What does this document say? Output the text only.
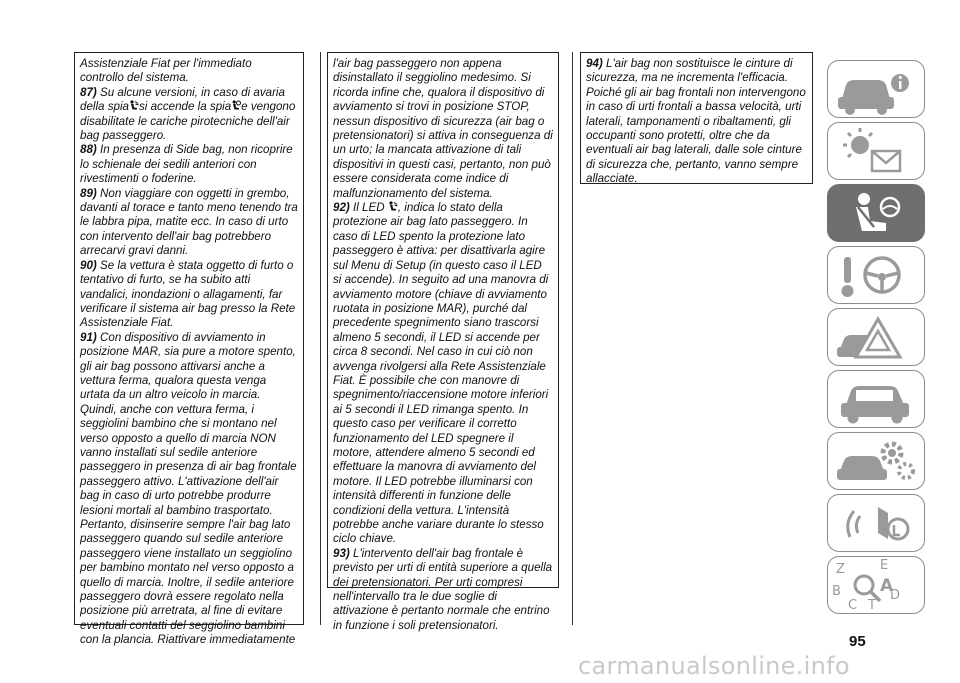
Assistenziale Fiat per l'immediato controllo del sistema.

87) Su alcune versioni, in caso di avaria della spia si accende la spia e vengono disabilitate le cariche pirotecniche dell'air bag passeggero.

88) In presenza di Side bag, non ricoprire lo schienale dei sedili anteriori con rivestimenti o foderine.

89) Non viaggiare con oggetti in grembo, davanti al torace e tanto meno tenendo tra le labbra pipa, matite ecc. In caso di urto con intervento dell'air bag potrebbero arrecarvi gravi danni.

90) Se la vettura è stata oggetto di furto o tentativo di furto, se ha subito atti vandalici, inondazioni o allagamenti, far verificare il sistema air bag presso la Rete Assistenziale Fiat.

91) Con dispositivo di avviamento in posizione MAR, sia pure a motore spento, gli air bag possono attivarsi anche a vettura ferma, qualora questa venga urtata da un altro veicolo in marcia. Quindi, anche con vettura ferma, i seggiolini bambino che si montano nel verso opposto a quello di marcia NON vanno installati sul sedile anteriore passeggero in presenza di air bag frontale passeggero attivo. L'attivazione dell'air bag in caso di urto potrebbe produrre lesioni mortali al bambino trasportato. Pertanto, disinserire sempre l'air bag lato passeggero quando sul sedile anteriore passeggero viene installato un seggiolino per bambino montato nel verso opposto a quello di marcia. Inoltre, il sedile anteriore passeggero dovrà essere regolato nella posizione più arretrata, al fine di evitare eventuali contatti del seggiolino bambini con la plancia. Riattivare immediatamente

l'air bag passeggero non appena disinstallato il seggiolino medesimo. Si ricorda infine che, qualora il dispositivo di avviamento si trovi in posizione STOP, nessun dispositivo di sicurezza (air bag o pretensionatori) si attiva in conseguenza di un urto; la mancata attivazione di tali dispositivi in questi casi, pertanto, non può essere considerata come indice di malfunzionamento del sistema.

92) Il LED , indica lo stato della protezione air bag lato passeggero. In caso di LED spento la protezione lato passeggero è attiva: per disattivarla agire sul Menu di Setup (in questo caso il LED si accende). In seguito ad una manovra di avviamento motore (chiave di avviamento ruotata in posizione MAR), purché dal precedente spegnimento siano trascorsi almeno 5 secondi, il LED si accende per circa 8 secondi. Nel caso in cui ciò non avvenga rivolgersi alla Rete Assistenziale Fiat. È possibile che con manovre di spegnimento/riaccensione motore inferiori ai 5 secondi il LED rimanga spento. In questo caso per verificare il corretto funzionamento del LED spegnere il motore, attendere almeno 5 secondi ed effettuare la manovra di avviamento del motore. Il LED potrebbe illuminarsi con intensità differenti in funzione delle condizioni della vettura. L'intensità potrebbe anche variare durante lo stesso ciclo chiave.

93) L'intervento dell'air bag frontale è previsto per urti di entità superiore a quella dei pretensionatori. Per urti compresi nell'intervallo tra le due soglie di attivazione è pertanto normale che entrino in funzione i soli pretensionatori.

94) L'air bag non sostituisce le cinture di sicurezza, ma ne incrementa l'efficacia. Poiché gli air bag frontali non intervengono in caso di urti frontali a bassa velocità, urti laterali, tamponamenti o ribaltamenti, gli occupanti sono protetti, oltre che da eventuali air bag laterali, dalle sole cinture di sicurezza che, pertanto, vanno sempre allacciate.

Z	E
B A
C T
D
95
carmanualsonline.info
